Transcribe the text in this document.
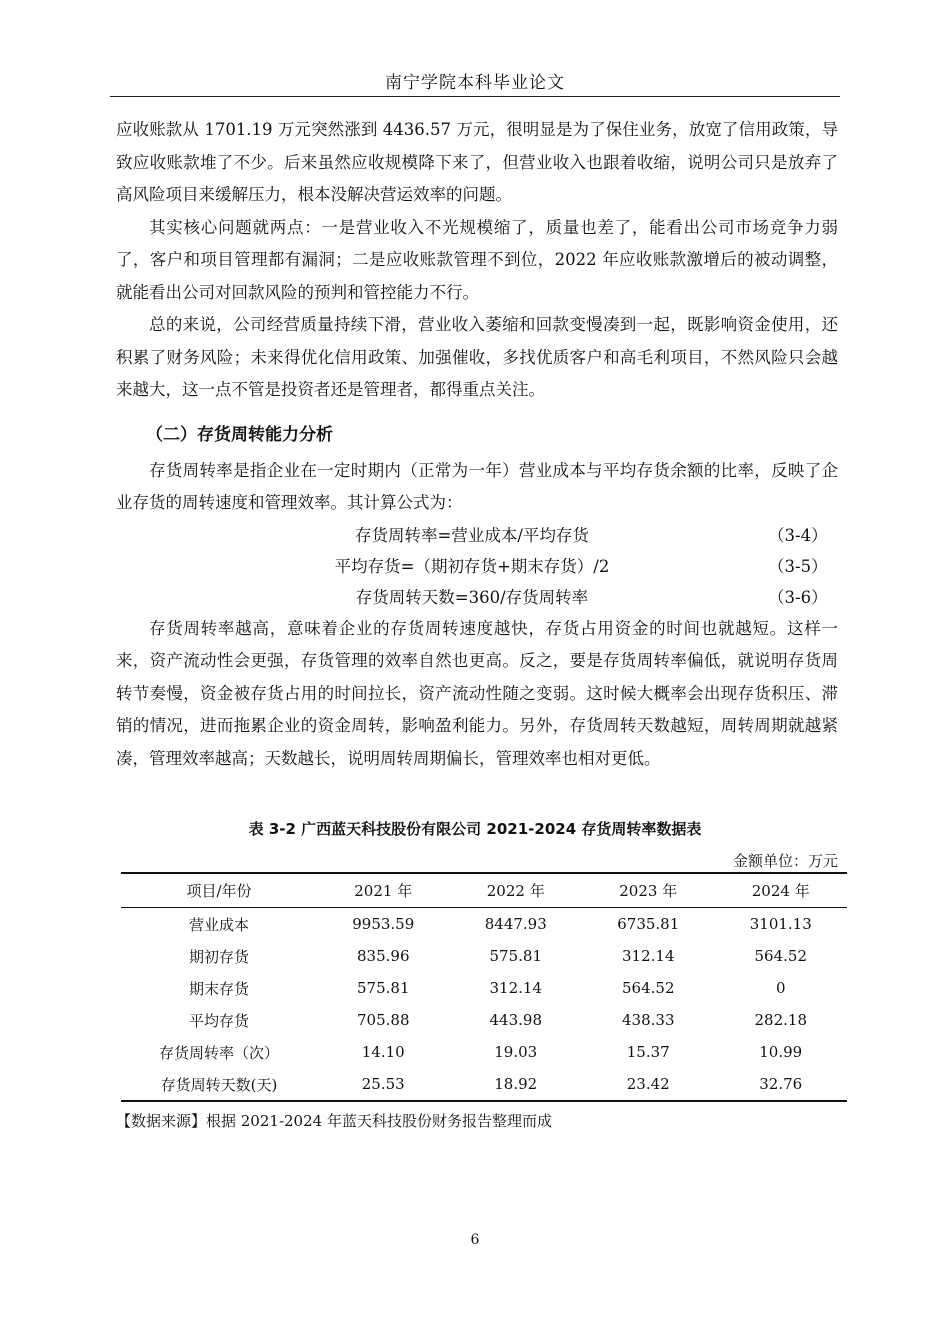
南宁学院本科毕业论文

应收账款从 1701.19 万元突然涨到 4436.57 万元，很明显是为了保住业务，放宽了信用政策，导致应收账款堆了不少。后来虽然应收规模降下来了，但营业收入也跟着收缩，说明公司只是放弃了高风险项目来缓解压力，根本没解决营运效率的问题。

其实核心问题就两点：一是营业收入不光规模缩了，质量也差了，能看出公司市场竞争力弱了，客户和项目管理都有漏洞；二是应收账款管理不到位，2022 年应收账款激增后的被动调整，就能看出公司对回款风险的预判和管控能力不行。

总的来说，公司经营质量持续下滑，营业收入萎缩和回款变慢凑到一起，既影响资金使用，还积累了财务风险；未来得优化信用政策、加强催收，多找优质客户和高毛利项目，不然风险只会越来越大，这一点不管是投资者还是管理者，都得重点关注。

（二）存货周转能力分析

存货周转率是指企业在一定时期内（正常为一年）营业成本与平均存货余额的比率，反映了企业存货的周转速度和管理效率。其计算公式为：

存货周转率=营业成本/平均存货	（3-4）
平均存货=（期初存货+期末存货）/2	（3-5）
存货周转天数=360/存货周转率	（3-6）

存货周转率越高，意味着企业的存货周转速度越快，存货占用资金的时间也就越短。这样一来，资产流动性会更强，存货管理的效率自然也更高。反之，要是存货周转率偏低，就说明存货周转节奏慢，资金被存货占用的时间拉长，资产流动性随之变弱。这时候大概率会出现存货积压、滞销的情况，进而拖累企业的资金周转，影响盈利能力。另外，存货周转天数越短，周转周期就越紧凑，管理效率越高；天数越长，说明周转周期偏长，管理效率也相对更低。

表 3-2 广西蓝天科技股份有限公司 2021-2024 存货周转率数据表
金额单位：万元
项目/年份	2021 年	2022 年	2023 年	2024 年
营业成本	9953.59	8447.93	6735.81	3101.13
期初存货	835.96	575.81	312.14	564.52
期末存货	575.81	312.14	564.52	0
平均存货	705.88	443.98	438.33	282.18
存货周转率（次）	14.10	19.03	15.37	10.99
存货周转天数(天)	25.53	18.92	23.42	32.76
【数据来源】根据 2021-2024 年蓝天科技股份财务报告整理而成
6
